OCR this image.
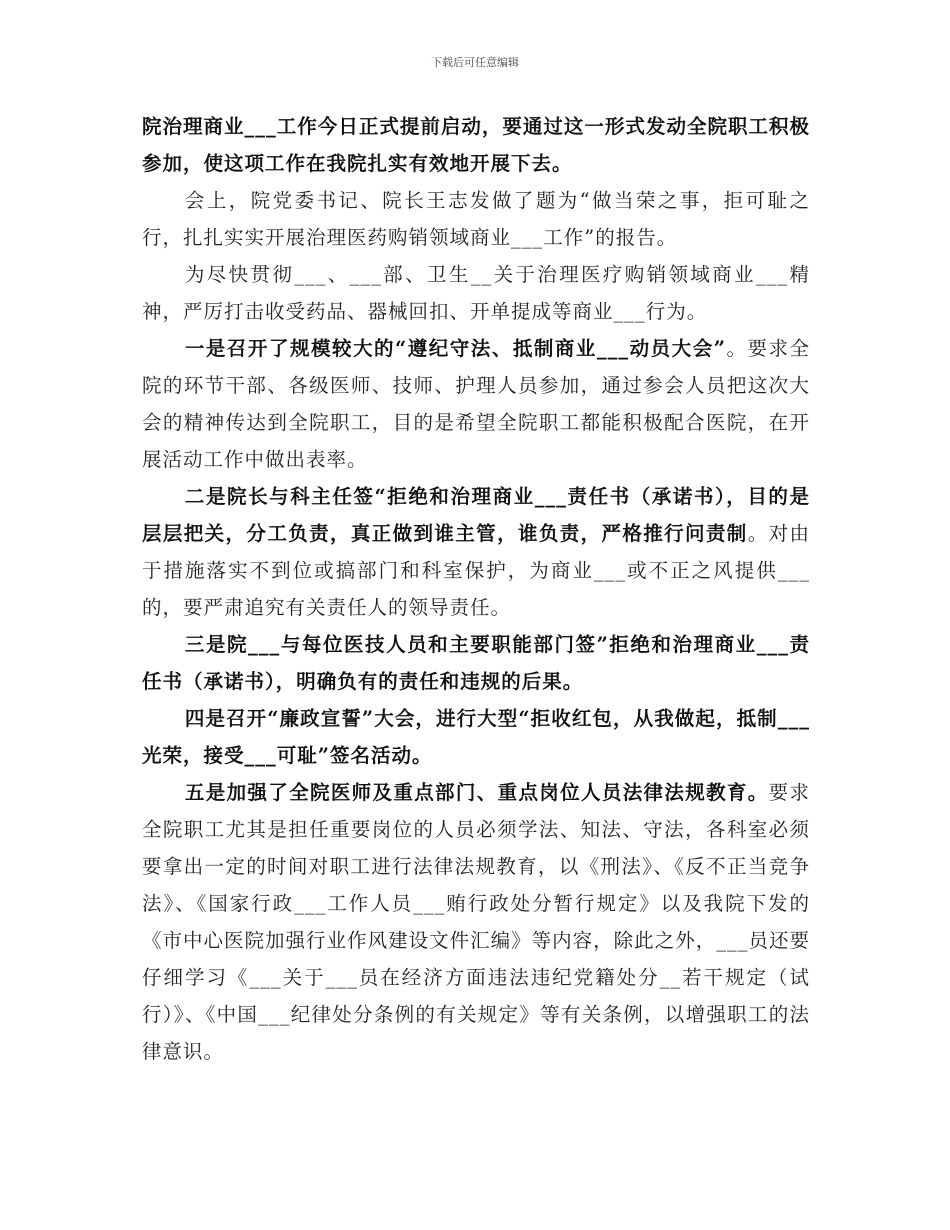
下载后可任意编辑

院治理商业___工作今日正式提前启动，要通过这一形式发动全院职工积极参加，使这项工作在我院扎实有效地开展下去。

会上，院党委书记、院长王志发做了题为“做当荣之事，拒可耻之行，扎扎实实开展治理医药购销领域商业___工作”的报告。

为尽快贯彻___、___部、卫生__关于治理医疗购销领域商业___精神，严厉打击收受药品、器械回扣、开单提成等商业___行为。

一是召开了规模较大的“遵纪守法、抵制商业___动员大会”。要求全院的环节干部、各级医师、技师、护理人员参加，通过参会人员把这次大会的精神传达到全院职工，目的是希望全院职工都能积极配合医院，在开展活动工作中做出表率。

二是院长与科主任签“拒绝和治理商业___责任书（承诺书），目的是层层把关，分工负责，真正做到谁主管，谁负责，严格推行问责制。对由于措施落实不到位或搞部门和科室保护，为商业___或不正之风提供___的，要严肃追究有关责任人的领导责任。

三是院___与每位医技人员和主要职能部门签”拒绝和治理商业___责任书（承诺书），明确负有的责任和违规的后果。

四是召开“廉政宣誓”大会，进行大型“拒收红包，从我做起，抵制___光荣，接受___可耻”签名活动。

五是加强了全院医师及重点部门、重点岗位人员法律法规教育。要求全院职工尤其是担任重要岗位的人员必须学法、知法、守法，各科室必须要拿出一定的时间对职工进行法律法规教育，以《刑法》、《反不正当竞争法》、《国家行政___工作人员___贿行政处分暂行规定》以及我院下发的《市中心医院加强行业作风建设文件汇编》等内容，除此之外，___员还要仔细学习《___关于___员在经济方面违法违纪党籍处分__若干规定（试行）》、《中国___纪律处分条例的有关规定》等有关条例，以增强职工的法律意识。
